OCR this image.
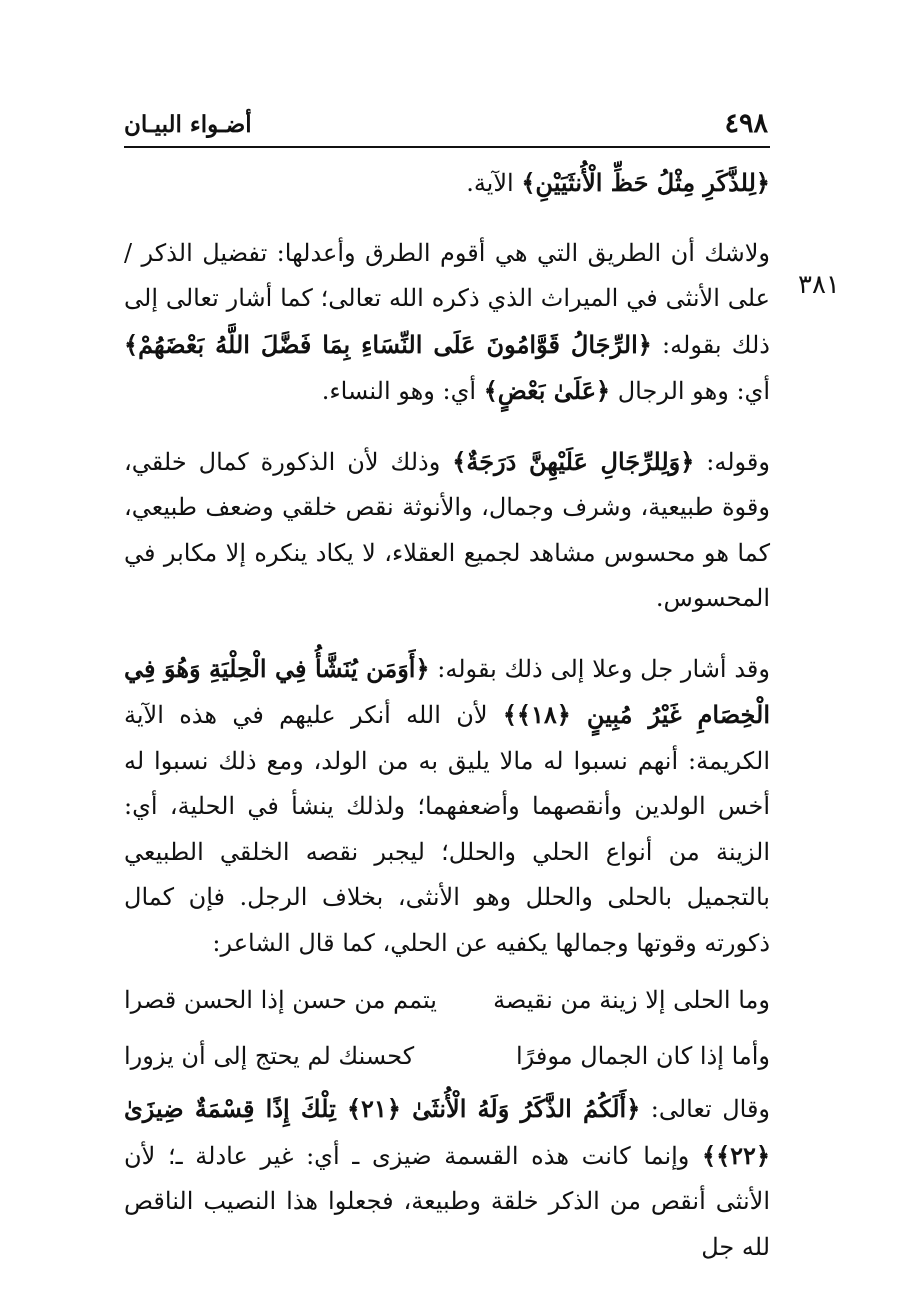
٤٩٨
أضـواء البيـان
٣٨١

﴿لِلذَّكَرِ مِثْلُ حَظِّ الْأُنثَيَيْنِ﴾ الآية.

ولاشك أن الطريق التي هي أقوم الطرق وأعدلها: تفضيل الذكر / على الأنثى في الميراث الذي ذكره الله تعالى؛ كما أشار تعالى إلى ذلك بقوله: ﴿الرِّجَالُ قَوَّامُونَ عَلَى النِّسَاءِ بِمَا فَضَّلَ اللَّهُ بَعْضَهُمْ﴾ أي: وهو الرجال ﴿عَلَىٰ بَعْضٍ﴾ أي: وهو النساء.

وقوله: ﴿وَلِلرِّجَالِ عَلَيْهِنَّ دَرَجَةٌ﴾ وذلك لأن الذكورة كمال خلقي، وقوة طبيعية، وشرف وجمال، والأنوثة نقص خلقي وضعف طبيعي، كما هو محسوس مشاهد لجميع العقلاء، لا يكاد ينكره إلا مكابر في المحسوس.

وقد أشار جل وعلا إلى ذلك بقوله: ﴿أَوَمَن يُنَشَّأُ فِي الْحِلْيَةِ وَهُوَ فِي الْخِصَامِ غَيْرُ مُبِينٍ ﴿١٨﴾﴾ لأن الله أنكر عليهم في هذه الآية الكريمة: أنهم نسبوا له مالا يليق به من الولد، ومع ذلك نسبوا له أخس الولدين وأنقصهما وأضعفهما؛ ولذلك ينشأ في الحلية، أي: الزينة من أنواع الحلي والحلل؛ ليجبر نقصه الخلقي الطبيعي بالتجميل بالحلى والحلل وهو الأنثى، بخلاف الرجل. فإن كمال ذكورته وقوتها وجمالها يكفيه عن الحلي، كما قال الشاعر:

وما الحلى إلا زينة من نقيصة
يتمم من حسن إذا الحسن قصرا
وأما إذا كان الجمال موفرًا
كحسنك لم يحتج إلى أن يزورا

وقال تعالى: ﴿أَلَكُمُ الذَّكَرُ وَلَهُ الْأُنثَىٰ ﴿٢١﴾ تِلْكَ إِذًا قِسْمَةٌ ضِيزَىٰ ﴿٢٢﴾﴾ وإنما كانت هذه القسمة ضيزى ـ أي: غير عادلة ـ؛ لأن الأنثى أنقص من الذكر خلقة وطبيعة، فجعلوا هذا النصيب الناقص لله جل
